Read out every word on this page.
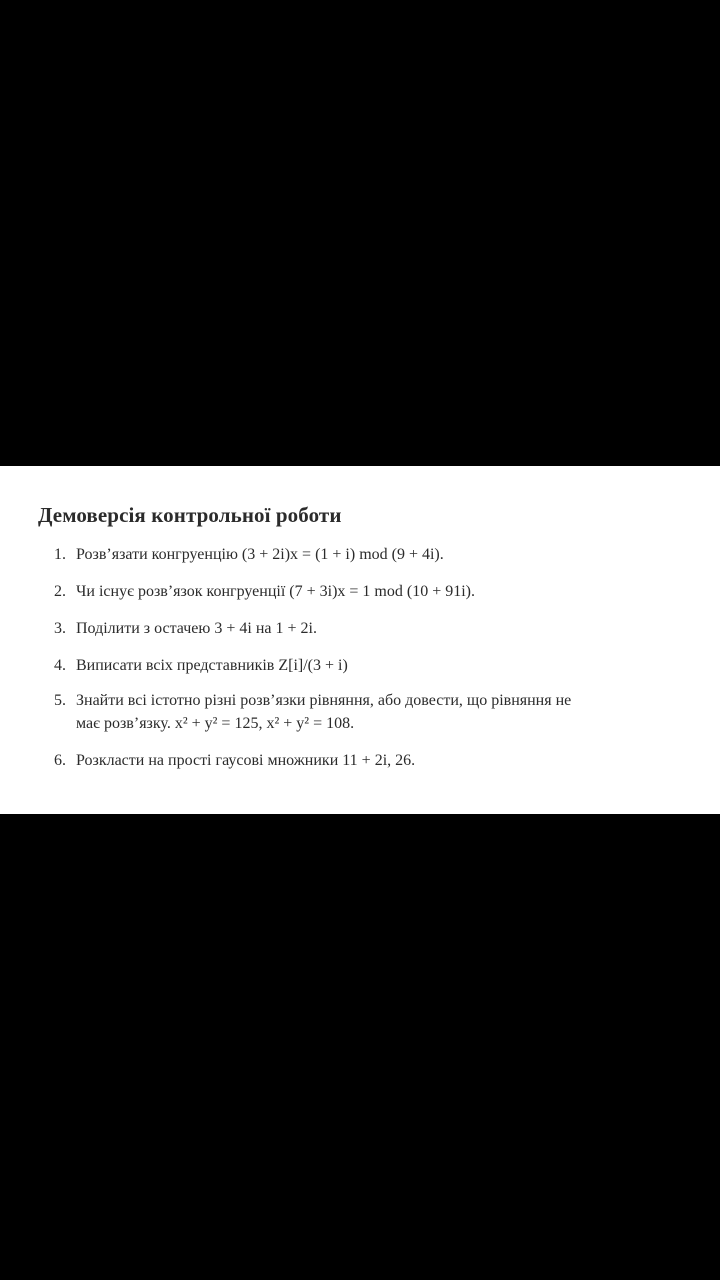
Демоверсія контрольної роботи
1. Розв’язати конгруенцію (3 + 2i)x = (1 + i) mod (9 + 4i).
2. Чи існує розв’язок конгруенції (7 + 3i)x = 1 mod (10 + 91i).
3. Поділити з остачею 3 + 4i на 1 + 2i.
4. Виписати всіх представників Z[i]/(3 + i)
5. Знайти всі істотно різні розв’язки рівняння, або довести, що рівняння не
має розв’язку. x² + y² = 125, x² + y² = 108.
6. Розкласти на прості гаусові множники 11 + 2i, 26.
